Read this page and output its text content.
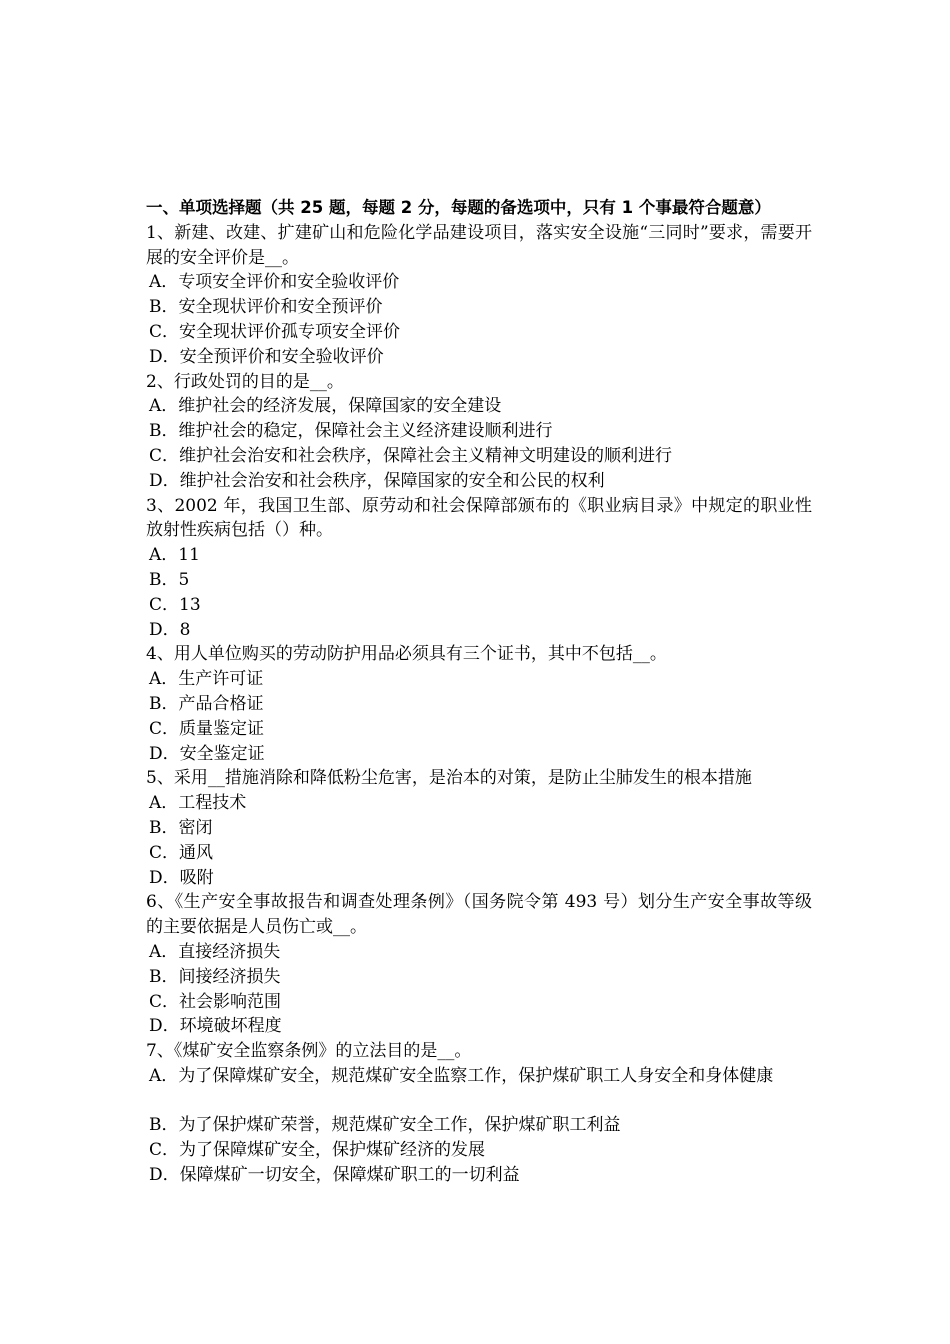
一、单项选择题（共 25 题，每题 2 分，每题的备选项中，只有 1 个事最符合题意）
1、新建、改建、扩建矿山和危险化学品建设项目，落实安全设施“三同时”要求，需要开展的安全评价是__。
A．专项安全评价和安全验收评价
B．安全现状评价和安全预评价
C．安全现状评价孤专项安全评价
D．安全预评价和安全验收评价
2、行政处罚的目的是__。
A．维护社会的经济发展，保障国家的安全建设
B．维护社会的稳定，保障社会主义经济建设顺利进行
C．维护社会治安和社会秩序，保障社会主义精神文明建设的顺利进行
D．维护社会治安和社会秩序，保障国家的安全和公民的权利
3、2002 年，我国卫生部、原劳动和社会保障部颁布的《职业病目录》中规定的职业性放射性疾病包括（）种。
A．11
B．5
C．13
D．8
4、用人单位购买的劳动防护用品必须具有三个证书，其中不包括__。
A．生产许可证
B．产品合格证
C．质量鉴定证
D．安全鉴定证
5、采用__措施消除和降低粉尘危害，是治本的对策，是防止尘肺发生的根本措施
A．工程技术
B．密闭
C．通风
D．吸附
6、《生产安全事故报告和调查处理条例》（国务院令第 493 号）划分生产安全事故等级的主要依据是人员伤亡或__。
A．直接经济损失
B．间接经济损失
C．社会影响范围
D．环境破坏程度
7、《煤矿安全监察条例》的立法目的是__。
A．为了保障煤矿安全，规范煤矿安全监察工作，保护煤矿职工人身安全和身体健康
B．为了保护煤矿荣誉，规范煤矿安全工作，保护煤矿职工利益
C．为了保障煤矿安全，保护煤矿经济的发展
D．保障煤矿一切安全，保障煤矿职工的一切利益
